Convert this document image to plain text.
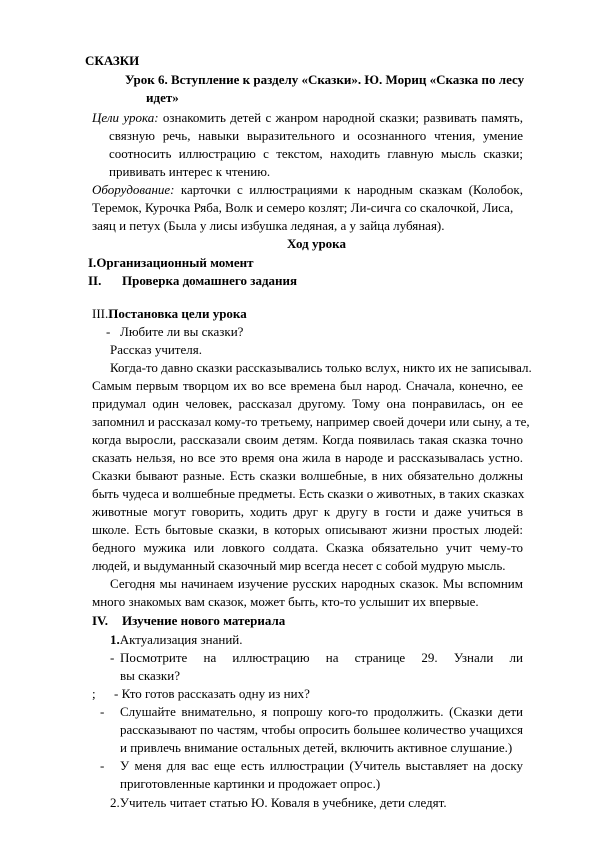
СКАЗКИ
Урок 6. Вступление к разделу «Сказки». Ю. Мориц «Сказка по лесу
идет»
Цели урока: ознакомить детей с жанром народной сказки; развивать память,
связную речь, навыки выразительного и осознанного чтения, умение
соотносить иллюстрацию с текстом, находить главную мысль сказки;
прививать интерес к чтению.
Оборудование: карточки с иллюстрациями к народным сказкам (Колобок,
Теремок, Курочка Ряба, Волк и семеро козлят; Ли-сичга со скалочкой, Лиса,
заяц и петух (Была у лисы избушка ледяная, а у зайца лубяная).
Ход урока
I.Организационный момент
II. Проверка домашнего задания
III.Постановка цели урока
- Любите ли вы сказки?
Рассказ учителя.
Когда-то давно сказки рассказывались только вслух, никто их не записывал.
Самым первым творцом их во все времена был народ. Сначала, конечно, ее
придумал один человек, рассказал другому. Тому она понравилась, он ее
запомнил и рассказал кому-то третьему, например своей дочери или сыну, а те,
когда выросли, рассказали своим детям. Когда появилась такая сказка точно
сказать нельзя, но все это время она жила в народе и рассказывалась устно.
Сказки бывают разные. Есть сказки волшебные, в них обязательно должны
быть чудеса и волшебные предметы. Есть сказки о животных, в таких сказках
животные могут говорить, ходить друг к другу в гости и даже учиться в
школе. Есть бытовые сказки, в которых описывают жизни простых людей:
бедного мужика или ловкого солдата. Сказка обязательно учит чему-то
людей, и выдуманный сказочный мир всегда несет с собой мудрую мысль.
Сегодня мы начинаем изучение русских народных сказок. Мы вспомним
много знакомых вам сказок, может быть, кто-то услышит их впервые.
IV. Изучение нового материала
1.Актуализация знаний.
- Посмотрите на иллюстрацию на странице 29. Узнали ли
вы сказки?
; - Кто готов рассказать одну из них?
- Слушайте внимательно, я попрошу кого-то продолжить. (Сказки дети
рассказывают по частям, чтобы опросить большее количество учащихся
и привлечь внимание остальных детей, включить активное слушание.)
- У меня для вас еще есть иллюстрации (Учитель выставляет на доску
приготовленные картинки и продожает опрос.)
2.Учитель читает статью Ю. Коваля в учебнике, дети следят.
